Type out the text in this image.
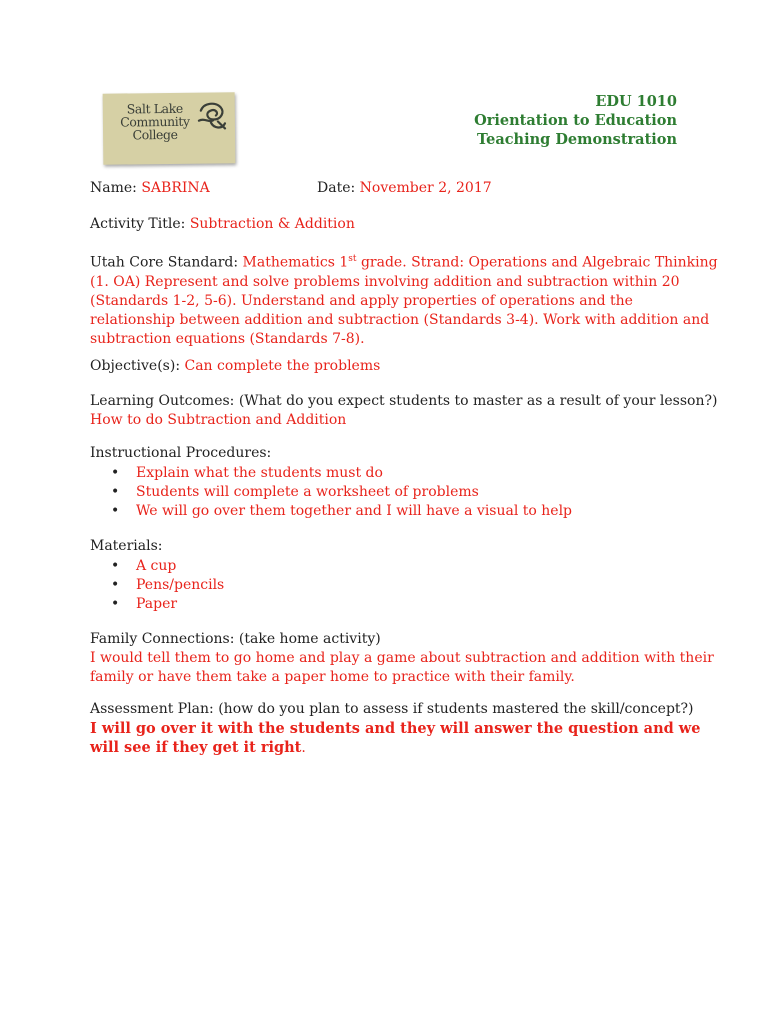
Salt Lake
Community
College
EDU 1010
Orientation to Education
Teaching Demonstration
Name: SABRINA	Date: November 2, 2017
Activity Title: Subtraction & Addition
Utah Core Standard: Mathematics 1st grade. Strand: Operations and Algebraic Thinking
(1. OA) Represent and solve problems involving addition and subtraction within 20
(Standards 1-2, 5-6). Understand and apply properties of operations and the
relationship between addition and subtraction (Standards 3-4). Work with addition and
subtraction equations (Standards 7-8).
Objective(s): Can complete the problems
Learning Outcomes: (What do you expect students to master as a result of your lesson?)
How to do Subtraction and Addition
Instructional Procedures:
• Explain what the students must do
• Students will complete a worksheet of problems
• We will go over them together and I will have a visual to help
Materials:
• A cup
• Pens/pencils
• Paper
Family Connections: (take home activity)
I would tell them to go home and play a game about subtraction and addition with their
family or have them take a paper home to practice with their family.
Assessment Plan: (how do you plan to assess if students mastered the skill/concept?)
I will go over it with the students and they will answer the question and we
will see if they get it right.
